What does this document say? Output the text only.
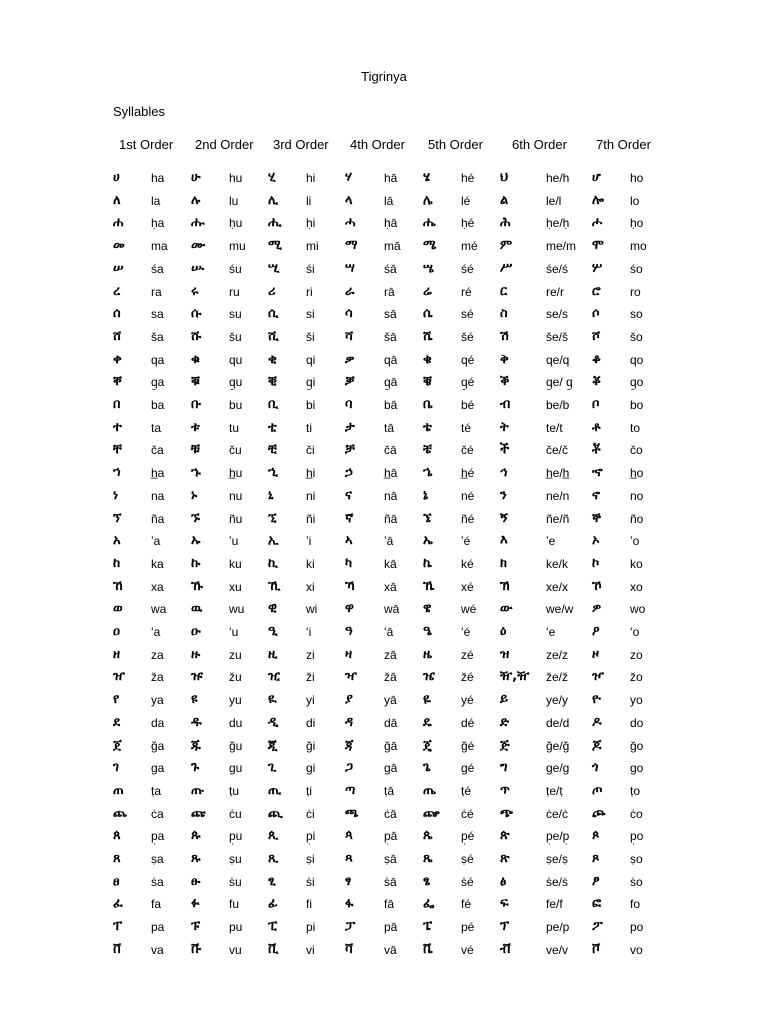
Tigrinya
Syllables
1st Order 2nd Order 3rd Order 4th Order 5th Order 6th Order 7th Order
ሀ	ha ሁ hu ሂ	hi ሃ	hā ሄ	hé ህ	he/h ሆ ho
ለ	la ሉ lu ሊ li	ላ	lā ሌ lé ል	le/l ሎ lo
ሐ ḥa ሑ ḥu ሒ ḥi ሓ ḥā ሔ ḥé ሕ	ḥe/ḥ ሖ ḥo
መ ma ሙ mu ሚ mi ማ mā ሜ mé ም	me/m ሞ mo
ሠ śa ሡ śu ሢ śi ሣ śā ሤ śé ሥ	śe/ś ሦ śo
ረ	ra ሩ	ru ሪ	ri ራ rā ሬ ré ር	re/r ሮ ro
ሰ	sa ሱ su ሲ si ሳ	sā ሴ sé ስ	se/s ሶ	so
ሸ ša ሹ šu ሺ ši ሻ	šā ሼ šé ሽ	še/š ሾ šo
ቀ qa ቁ qu ቂ qi ቃ qā ቄ qé ቅ	qe/q ቆ qo
ቐ q̱a ቑ q̱u ቒ q̱i ቓ q̱ā ቔ q̱é ቕ	q̱e/ q̱ ቖ q̱o
በ	ba ቡ bu ቢ bi ባ	bā ቤ bé ብ	be/b ቦ	bo
ተ ta ቱ tu ቲ ti	ታ tā ቴ té ት	te/t ቶ to
ቸ ča ቹ ču ቺ či ቻ čā ቼ čé ች	če/č ቾ čo
ኀ	h̲a ኁ h̲u ኂ h̲i ኃ	h̲ā ኄ h̲é ኅ	h̲e/h̲ ኆ h̲o
ነ	na ኑ	nu ኒ	ni ና	nā ኔ	né ን	ne/n ኖ no
ኘ ña ኙ ñu ኚ ñi ኛ	ñā ኜ ñé ኝ	ñe/ñ ኞ ño
አ	ʼa ኡ ʼu ኢ ʼi	ኣ	ʼā ኤ ʼé እ	ʼe	ኦ	ʼo
ከ	ka ኩ ku ኪ ki ካ	kā ኬ ké ክ	ke/k ኮ	ko
ኸ xa ኹ xu ኺ xi ኻ xā ኼ xé ኽ	xe/x ኾ xo
ወ wa ዉ wu ዊ wi ዋ	wā ዌ wé ው	we/w ዎ wo
ዐ	ʻa ዑ ʻu ዒ ʻi	ዓ	ʻā ዔ ʻé ዕ	ʻe	ዖ	ʻo
ዘ	za ዙ zu ዚ zi ዛ	zā ዜ zé ዝ	ze/z ዞ	zo
ዠ ža ዡ žu ዢ ži ዣ žā ዤ žé ዥ,ዥ že/ž ዦ žo
የ	ya ዩ	yu ዪ yi ያ	yā ዬ	yé ይ	ye/y ዮ yo
ደ	da ዱ du ዲ di ዳ	dā ዴ dé ድ	de/d ዶ do
ጀ ğa ጁ ğu ጂ ği ጃ	ğā ጄ ğé ጅ	ğe/ğ ጆ ğo
ገ	ga ጉ gu ጊ gi ጋ	gā ጌ	gé ግ	ge/g ጎ	go
ጠ ṭa ጡ ṭu ጢ ṭi	ጣ ṭā ጤ ṭé ጥ	ṭe/ṭ ጦ ṭo
ጨ ċa ጩ ċu ጪ ċi ጫ ċā ጬ ċé ጭ	ċe/ċ ጮ ċo
ጰ	p̣a ጱ p̣u ጲ p̣i ጳ	p̣ā ጴ p̣é ጵ	p̣e/p̣ ጶ	p̣o
ጸ	ṣa ጹ ṣu ጺ ṣi ጻ	ṣā ጼ ṣé ጽ	ṣe/ṣ ጾ	ṣo
ፀ	ṡa ፁ ṡu ፂ	ṡi ፃ	ṡā ፄ	ṡé ፅ	ṡe/ṡ ፆ	ṡo
ፈ fa ፉ fu ፊ fi	ፋ	fā ፌ fé ፍ	fe/f ፎ fo
ፐ pa ፑ pu ፒ pi ፓ pā ፔ pé ፕ	pe/p ፖ po
ቨ va ቩ vu ቪ vi ቫ	vā ቬ vé ቭ	ve/v ቮ vo
